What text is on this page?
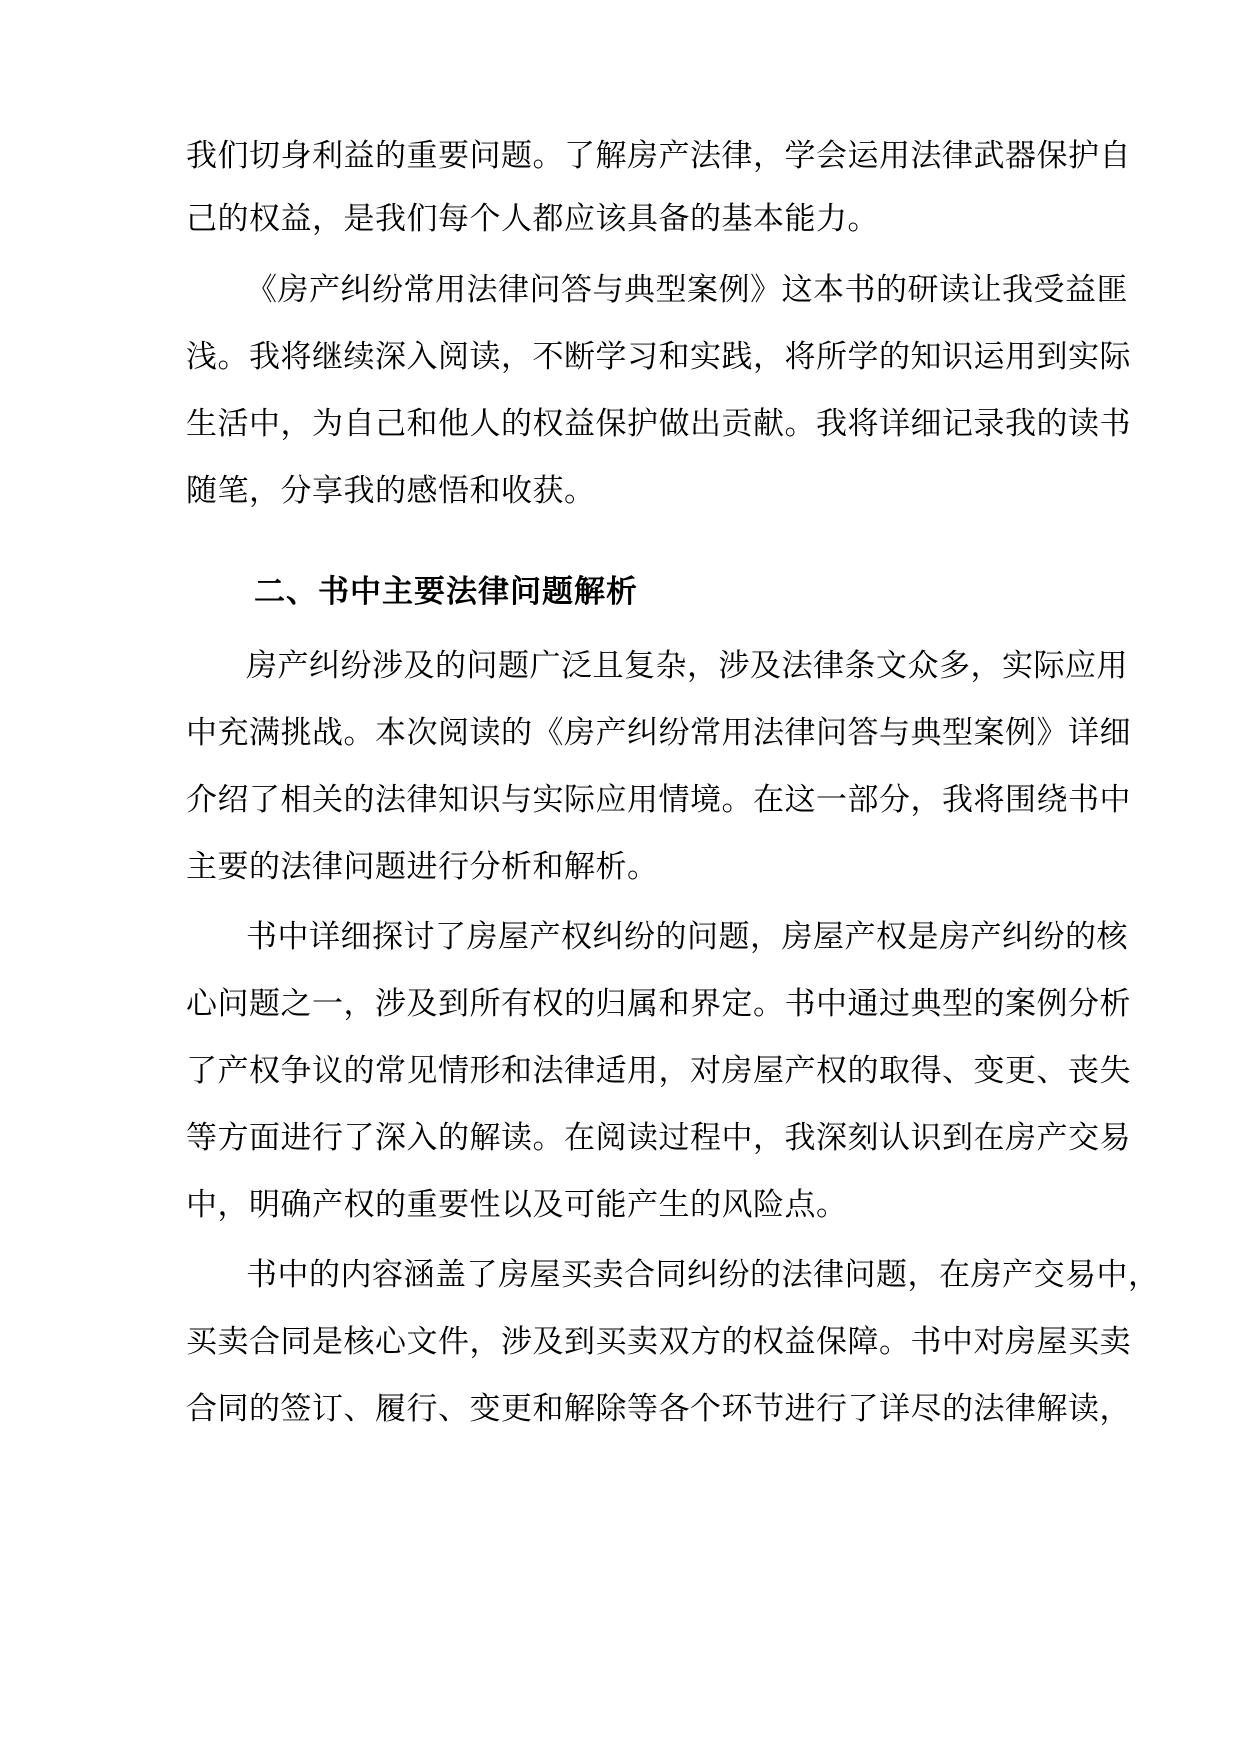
我们切身利益的重要问题。了解房产法律，学会运用法律武器保护自
己的权益，是我们每个人都应该具备的基本能力。
《房产纠纷常用法律问答与典型案例》这本书的研读让我受益匪
浅。我将继续深入阅读，不断学习和实践，将所学的知识运用到实际
生活中，为自己和他人的权益保护做出贡献。我将详细记录我的读书
随笔，分享我的感悟和收获。
二、书中主要法律问题解析
房产纠纷涉及的问题广泛且复杂，涉及法律条文众多，实际应用
中充满挑战。本次阅读的《房产纠纷常用法律问答与典型案例》详细
介绍了相关的法律知识与实际应用情境。在这一部分，我将围绕书中
主要的法律问题进行分析和解析。
书中详细探讨了房屋产权纠纷的问题，房屋产权是房产纠纷的核
心问题之一，涉及到所有权的归属和界定。书中通过典型的案例分析
了产权争议的常见情形和法律适用，对房屋产权的取得、变更、丧失
等方面进行了深入的解读。在阅读过程中，我深刻认识到在房产交易
中，明确产权的重要性以及可能产生的风险点。
书中的内容涵盖了房屋买卖合同纠纷的法律问题，在房产交易中，
买卖合同是核心文件，涉及到买卖双方的权益保障。书中对房屋买卖
合同的签订、履行、变更和解除等各个环节进行了详尽的法律解读，
